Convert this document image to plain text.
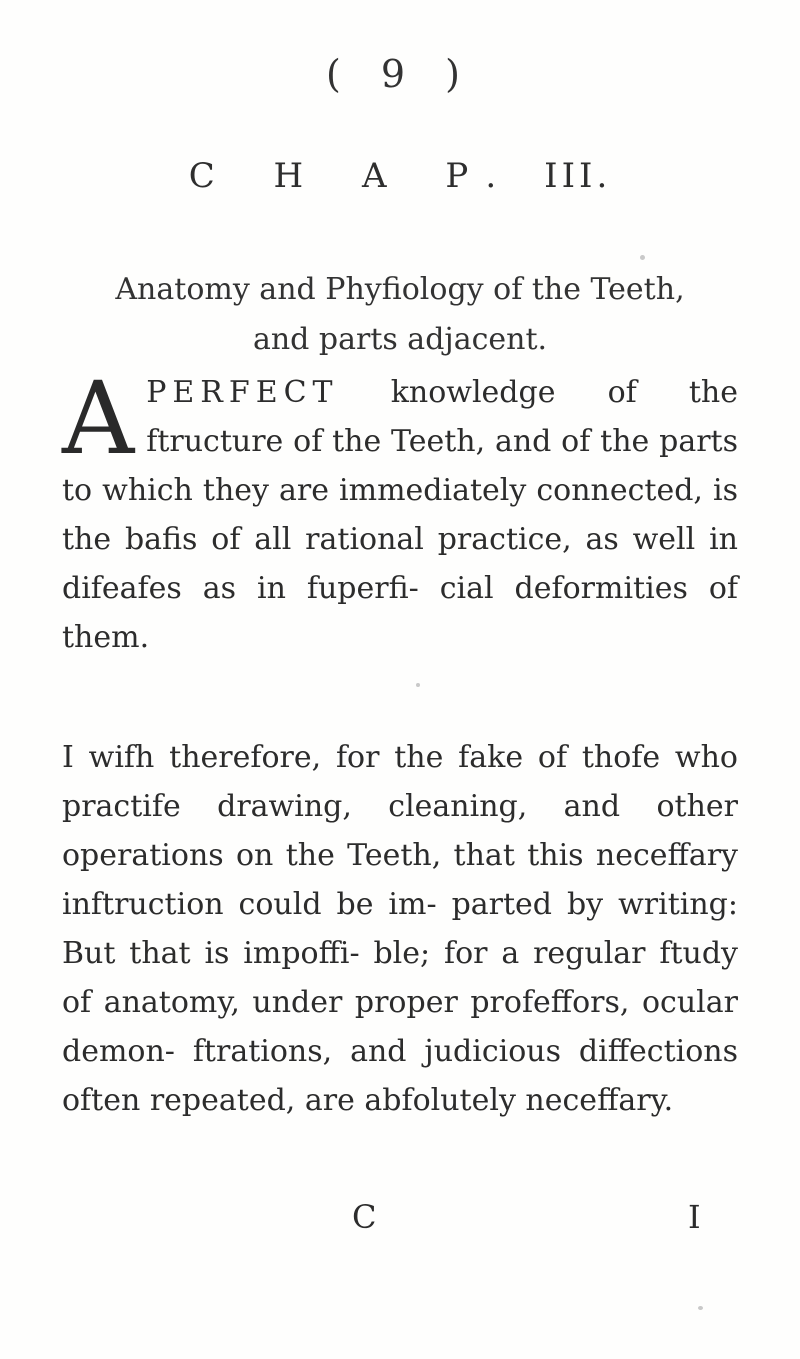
( 9 )
C H A P. III.
Anatomy and Phyfiology of the Teeth,
and parts adjacent.
APERFECT knowledge of the ftructure of the Teeth, and of the parts to which they are immediately connected, is the bafis of all rational practice, as well in difeafes as in fuperfi- cial deformities of them.
I wifh therefore, for the fake of thofe who practife drawing, cleaning, and other operations on the Teeth, that this neceffary inftruction could be im- parted by writing: But that is impoffi- ble; for a regular ftudy of anatomy, under proper profeffors, ocular demon- ftrations, and judicious diffections often repeated, are abfolutely neceffary.
C	I
